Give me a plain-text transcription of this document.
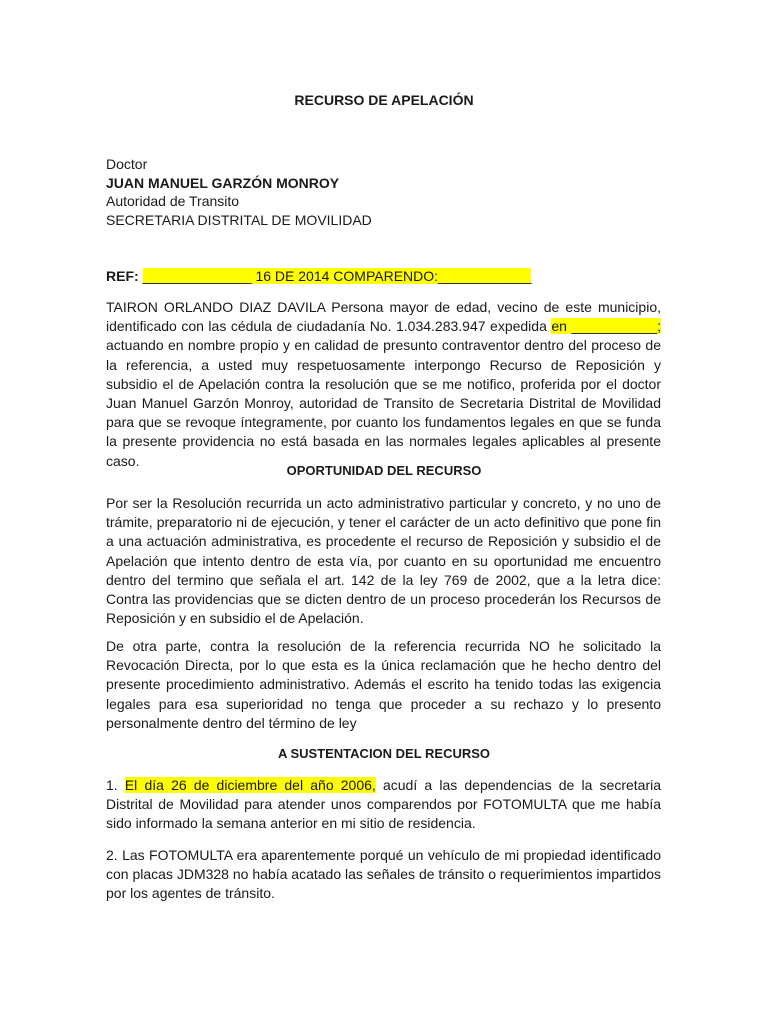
RECURSO DE APELACIÓN
Doctor
JUAN MANUEL GARZÓN MONROY
Autoridad de Transito
SECRETARIA DISTRITAL DE MOVILIDAD
REF: ______________ 16 DE 2014 COMPARENDO:____________

TAIRON ORLANDO DIAZ DAVILA Persona mayor de edad, vecino de este municipio, identificado con las cédula de ciudadanía No. 1.034.283.947 expedida en ___________; actuando en nombre propio y en calidad de presunto contraventor dentro del proceso de la referencia, a usted muy respetuosamente interpongo Recurso de Reposición y subsidio el de Apelación contra la resolución que se me notifico, proferida por el doctor Juan Manuel Garzón Monroy, autoridad de Transito de Secretaria Distrital de Movilidad para que se revoque íntegramente, por cuanto los fundamentos legales en que se funda la presente providencia no está basada en las normales legales aplicables al presente caso.

OPORTUNIDAD DEL RECURSO

Por ser la Resolución recurrida un acto administrativo particular y concreto, y no uno de trámite, preparatorio ni de ejecución, y tener el carácter de un acto definitivo que pone fin a una actuación administrativa, es procedente el recurso de Reposición y subsidio el de Apelación que intento dentro de esta vía, por cuanto en su oportunidad me encuentro dentro del termino que señala el art. 142 de la ley 769 de 2002, que a la letra dice: Contra las providencias que se dicten dentro de un proceso procederán los Recursos de Reposición y en subsidio el de Apelación.

De otra parte, contra la resolución de la referencia recurrida NO he solicitado la Revocación Directa, por lo que esta es la única reclamación que he hecho dentro del presente procedimiento administrativo. Además el escrito ha tenido todas las exigencia legales para esa superioridad no tenga que proceder a su rechazo y lo presento personalmente dentro del término de ley

A SUSTENTACION DEL RECURSO

1. El día 26 de diciembre del año 2006, acudí a las dependencias de la secretaria Distrital de Movilidad para atender unos comparendos por FOTOMULTA que me había sido informado la semana anterior en mi sitio de residencia.

2. Las FOTOMULTA era aparentemente porqué un vehículo de mi propiedad identificado con placas JDM328 no había acatado las señales de tránsito o requerimientos impartidos por los agentes de tránsito.
